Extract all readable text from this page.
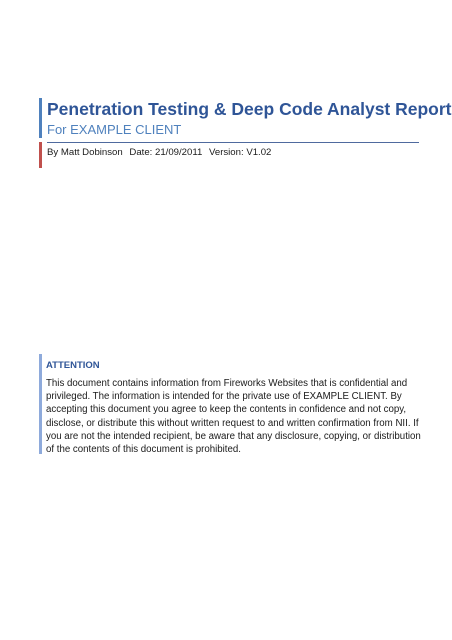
Penetration Testing & Deep Code Analyst Report
For EXAMPLE CLIENT
By Matt Dobinson Date: 21/09/2011 Version: V1.02
ATTENTION
This document contains information from Fireworks Websites that is confidential and privileged. The information is intended for the private use of EXAMPLE CLIENT. By accepting this document you agree to keep the contents in confidence and not copy, disclose, or distribute this without written request to and written confirmation from NII. If you are not the intended recipient, be aware that any disclosure, copying, or distribution of the contents of this document is prohibited.
